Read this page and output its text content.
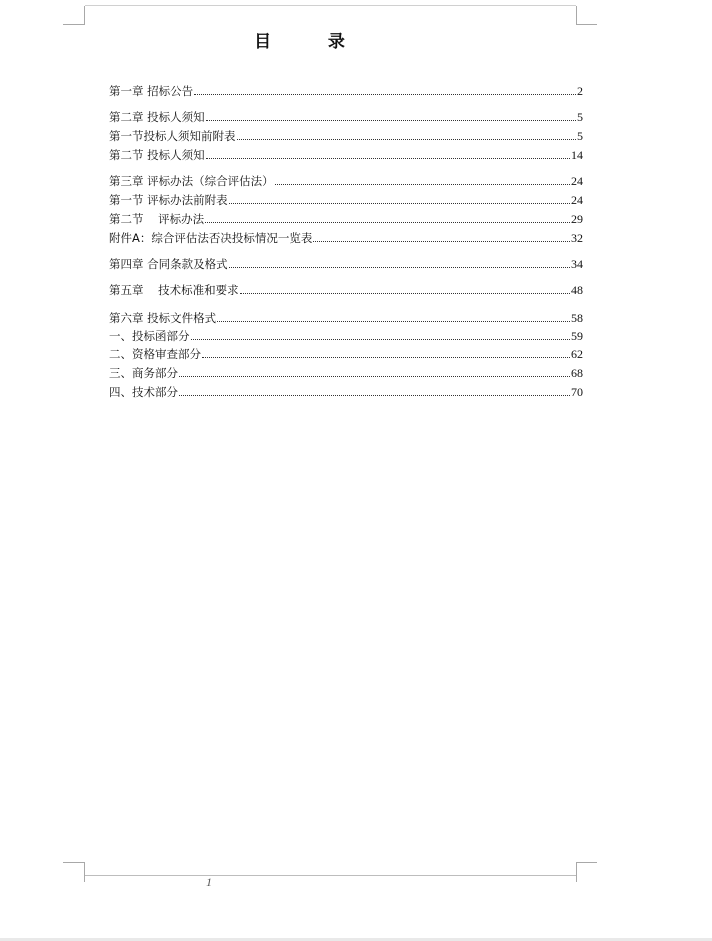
目	录
第一章 招标公告	2
第二章 投标人须知	5
第一节投标人须知前附表	5
第二节 投标人须知	14
第三章 评标办法（综合评估法）	24
第一节 评标办法前附表	24
第二节    评标办法	29
附件A：综合评估法否决投标情况一览表	32
第四章 合同条款及格式	34
第五章    技术标准和要求	48
第六章 投标文件格式	58
一、投标函部分	59
二、资格审查部分	62
三、商务部分	68
四、技术部分	70
1
